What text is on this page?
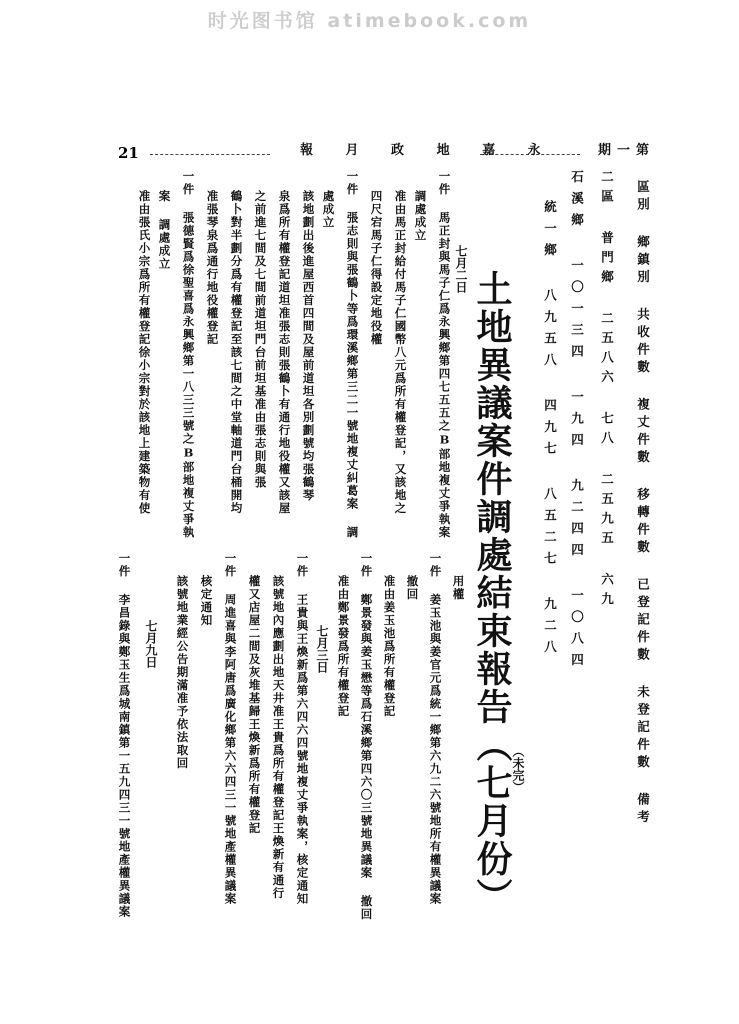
时光图书馆 atimebook.com
21	報 月 政 地 嘉 永	期一第
區別 鄉鎮別 共收件數 複丈件數 移轉件數 已登記件數 未登記件數 備考
二區 普門鄉 二五八六 七八 二五九五 六九
石溪鄉 一〇一三四 一九四 九二四四 一〇八四
統一鄉 八九五八 四九七 八五二七 九二八
（未完）
土地異議案件調處結束報告（七月份）
七月二日
一件 馬正封與馬子仁爲永興鄉第四七五五之B部地複丈爭執案
調處成立
准由馬正封給付馬子仁國幣八元爲所有權登記，又該地之
四尺宕馬子仁得設定地役權
一件 張志則與張鶴卜等爲環溪鄉第三二一號地複丈糾葛案 調
處成立
該地劃出後進屋西首四間及屋前道坦各別劃號均張鶴琴
泉爲所有權登記道坦准張志則張鶴卜有通行地役權又該屋
之前進七間及七間前道坦門台前坦基准由張志則與張
鶴卜對半劃分爲有權登記至該七間之中堂軸道門台桶開均
准張琴泉爲通行地役權登記
一件 張德賢爲徐聖喜爲永興鄉第一八三三號之B部地複丈爭執
案 調處成立
准由張氏小宗爲所有權登記徐小宗對於該地上建築物有使
用權
一件 姜玉池與姜官元爲統一鄉第六九二六號地所有權異議案
撤回
准由姜玉池爲所有權登記
一件 鄭景發與姜玉懋等爲石溪鄉第四六〇三號地異議案 撤回
准由鄭景發爲所有權登記
七月三日
一件 王貴與王煥新爲第六四六四號地複丈爭執案，核定通知
該號地內應劃出地天井准王貴爲所有權登記王煥新有通行
權又店屋二間及灰堆基歸王煥新爲所有權登記
一件 周進喜與李阿唐爲廣化鄉第六六四三一號地產權異議案
核定通知
該號地業經公告期滿准予依法取回
七月九日
一件 李昌錄與鄭玉生爲城南鎮第一五九四三一號地產權異議案
